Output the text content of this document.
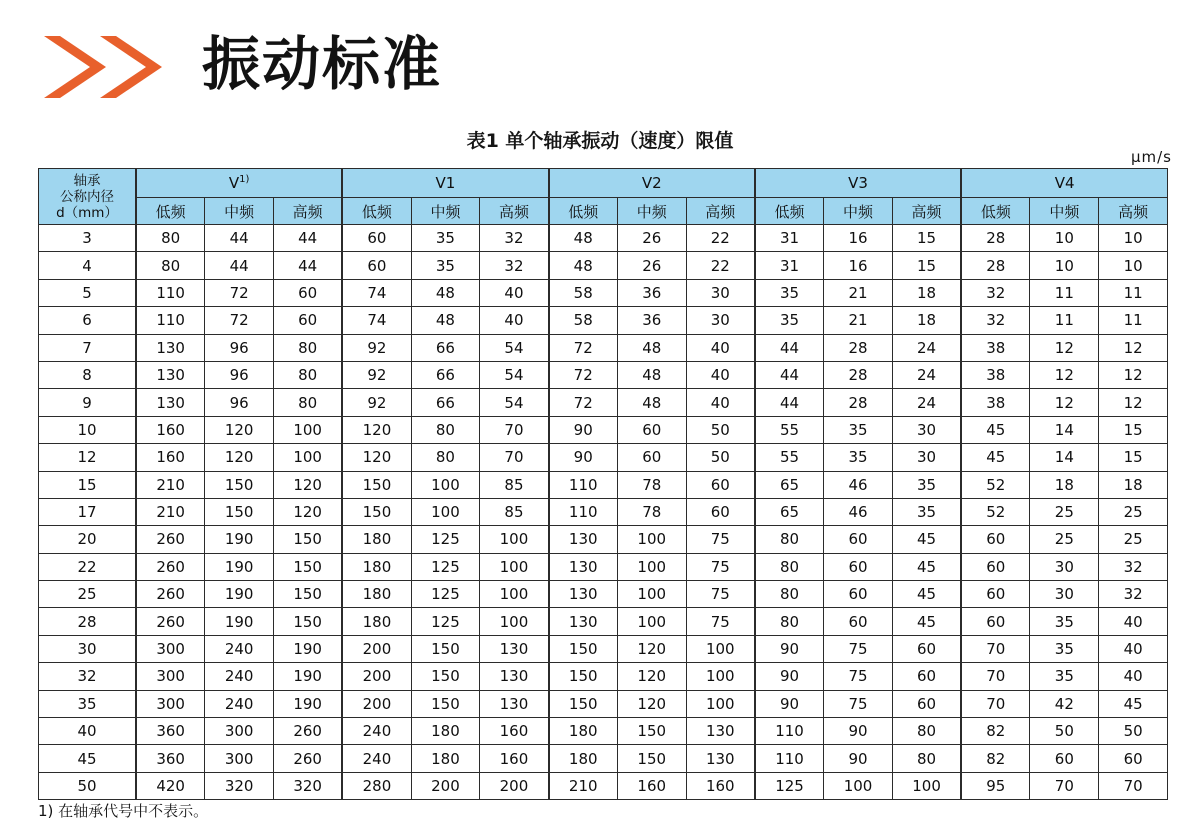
振动标准
表1 单个轴承振动（速度）限值
μm/s
轴承
公称内径
d（mm）	$V^{1)}$			V1			V2			V3			V4		
	低频	中频	高频	低频	中频	高频	低频	中频	高频	低频	中频	高频	低频	中频	高频
3	80	44	44	60	35	32	48	26	22	31	16	15	28	10	10
4	80	44	44	60	35	32	48	26	22	31	16	15	28	10	10
5	110	72	60	74	48	40	58	36	30	35	21	18	32	11	11
6	110	72	60	74	48	40	58	36	30	35	21	18	32	11	11
7	130	96	80	92	66	54	72	48	40	44	28	24	38	12	12
8	130	96	80	92	66	54	72	48	40	44	28	24	38	12	12
9	130	96	80	92	66	54	72	48	40	44	28	24	38	12	12
10	160	120	100	120	80	70	90	60	50	55	35	30	45	14	15
12	160	120	100	120	80	70	90	60	50	55	35	30	45	14	15
15	210	150	120	150	100	85	110	78	60	65	46	35	52	18	18
17	210	150	120	150	100	85	110	78	60	65	46	35	52	25	25
20	260	190	150	180	125	100	130	100	75	80	60	45	60	25	25
22	260	190	150	180	125	100	130	100	75	80	60	45	60	30	32
25	260	190	150	180	125	100	130	100	75	80	60	45	60	30	32
28	260	190	150	180	125	100	130	100	75	80	60	45	60	35	40
30	300	240	190	200	150	130	150	120	100	90	75	60	70	35	40
32	300	240	190	200	150	130	150	120	100	90	75	60	70	35	40
35	300	240	190	200	150	130	150	120	100	90	75	60	70	42	45
40	360	300	260	240	180	160	180	150	130	110	90	80	82	50	50
45	360	300	260	240	180	160	180	150	130	110	90	80	82	60	60
50	420	320	320	280	200	200	210	160	160	125	100	100	95	70	70
1) 在轴承代号中不表示。
